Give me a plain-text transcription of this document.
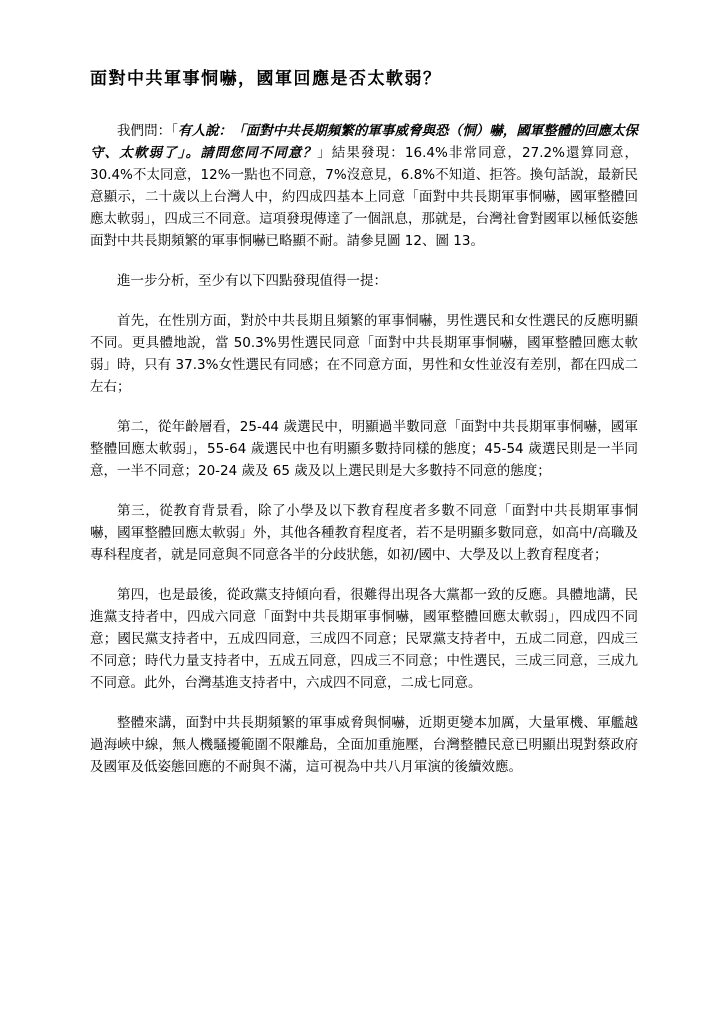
面對中共軍事恫嚇，國軍回應是否太軟弱？

我們問：「有人說：「面對中共長期頻繁的軍事威脅與恐（恫）嚇，國軍整體的回應太保守、太軟弱了」。請問您同不同意？」結果發現：16.4%非常同意，27.2%還算同意，30.4%不太同意，12%一點也不同意，7%沒意見，6.8%不知道、拒答。換句話說，最新民意顯示，二十歲以上台灣人中，約四成四基本上同意「面對中共長期軍事恫嚇，國軍整體回應太軟弱」，四成三不同意。這項發現傳達了一個訊息，那就是，台灣社會對國軍以極低姿態面對中共長期頻繁的軍事恫嚇已略顯不耐。請參見圖 12、圖 13。

進一步分析，至少有以下四點發現值得一提：

首先，在性別方面，對於中共長期且頻繁的軍事恫嚇，男性選民和女性選民的反應明顯不同。更具體地說，當 50.3%男性選民同意「面對中共長期軍事恫嚇，國軍整體回應太軟弱」時，只有 37.3%女性選民有同感；在不同意方面，男性和女性並沒有差別，都在四成二左右；

第二，從年齡層看，25-44 歲選民中，明顯過半數同意「面對中共長期軍事恫嚇，國軍整體回應太軟弱」，55-64 歲選民中也有明顯多數持同樣的態度；45-54 歲選民則是一半同意，一半不同意；20-24 歲及 65 歲及以上選民則是大多數持不同意的態度；

第三，從教育背景看，除了小學及以下教育程度者多數不同意「面對中共長期軍事恫嚇，國軍整體回應太軟弱」外，其他各種教育程度者，若不是明顯多數同意，如高中/高職及專科程度者，就是同意與不同意各半的分歧狀態，如初/國中、大學及以上教育程度者；

第四，也是最後，從政黨支持傾向看，很難得出現各大黨都一致的反應。具體地講，民進黨支持者中，四成六同意「面對中共長期軍事恫嚇，國軍整體回應太軟弱」，四成四不同意；國民黨支持者中，五成四同意，三成四不同意；民眾黨支持者中，五成二同意，四成三不同意；時代力量支持者中，五成五同意，四成三不同意；中性選民，三成三同意，三成九不同意。此外，台灣基進支持者中，六成四不同意，二成七同意。

整體來講，面對中共長期頻繁的軍事威脅與恫嚇，近期更變本加厲，大量軍機、軍艦越過海峽中線，無人機騷擾範圍不限離島，全面加重施壓，台灣整體民意已明顯出現對蔡政府及國軍及低姿態回應的不耐與不滿，這可視為中共八月軍演的後續效應。
